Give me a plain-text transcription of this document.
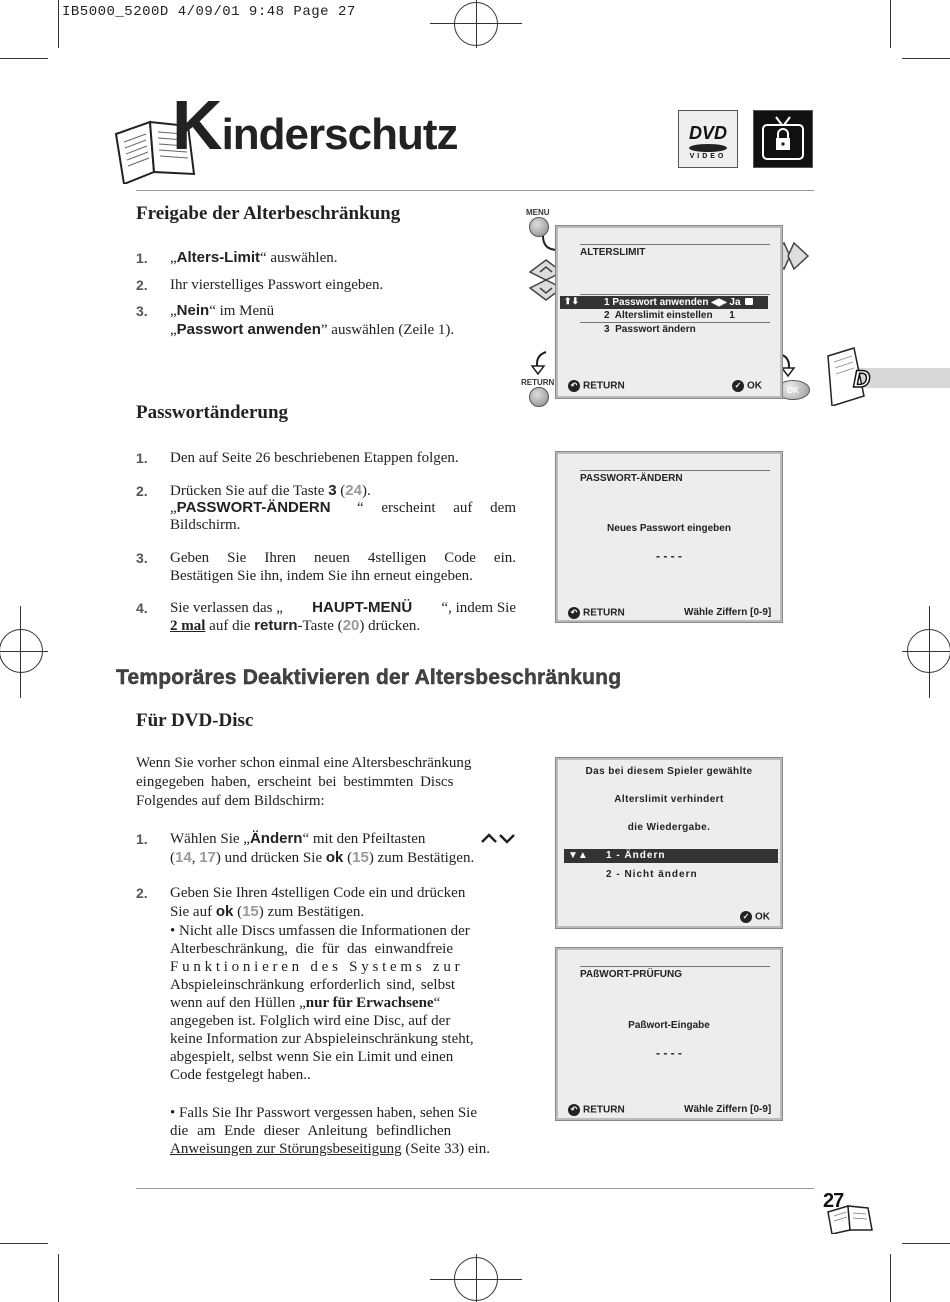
IB5000_5200D 4/09/01 9:48 Page 27
Kinderschutz	DVD
VIDEO
D
Freigabe der Alterbeschränkung
1. „Alters-Limit“ auswählen.
2. Ihr vierstelliges Passwort eingeben.
3. „Nein“ im Menü
„Passwort anwenden” auswählen (Zeile 1).
MENU
RETURN
OK
ALTERSLIMIT
⬆⬇ 1 Passwort anwenden ◀▶ Ja
2  Alterslimit einstellen      1
3  Passwort ändern
↶ RETURN	✓ OK
Passwortänderung
1. Den auf Seite 26 beschriebenen Etappen folgen.
2. Drücken Sie auf die Taste 3 (24).
„PASSWORT-ÄNDERN “ erscheint auf dem
Bildschirm.
3. Geben Sie Ihren neuen 4stelligen Code ein.
Bestätigen Sie ihn, indem Sie ihn erneut eingeben.
4. Sie verlassen das „ HAUPT-MENÜ “, indem Sie
2 mal auf die return-Taste (20) drücken.
PASSWORT-ÄNDERN
Neues Passwort eingeben
- - - -
↶ RETURN	Wähle Ziffern [0-9]
Temporäres Deaktivieren der Altersbeschränkung
Für DVD-Disc
Wenn Sie vorher schon einmal eine Altersbeschränkung
eingegeben haben, erscheint bei bestimmten Discs
Folgendes auf dem Bildschirm:
1. Wählen Sie „Ändern“ mit den Pfeiltasten
(14, 17) und drücken Sie ok (15) zum Bestätigen.
2. Geben Sie Ihren 4stelligen Code ein und drücken
Sie auf ok (15) zum Bestätigen.
• Nicht alle Discs umfassen die Informationen der
Alterbeschränkung, die für das einwandfreie
F u n k t i o n i e r e n   d e s   S y s t e m s   z u r
Abspieleinschränkung erforderlich sind, selbst
wenn auf den Hüllen „nur für Erwachsene“
angegeben ist. Folglich wird eine Disc, auf der
keine Information zur Abspieleinschränkung steht,
abgespielt, selbst wenn Sie ein Limit und einen
Code festgelegt haben..
• Falls Sie Ihr Passwort vergessen haben, sehen Sie
die am Ende dieser Anleitung befindlichen
Anweisungen zur Störungsbeseitigung (Seite 33) ein.
Das bei diesem Spieler gewählte
Alterslimit verhindert
die Wiedergabe.
▼▲ 1 - Ändern
2 - Nicht ändern
✓ OK
PAßWORT-PRÜFUNG
Paßwort-Eingabe
- - - -
↶ RETURN	Wähle Ziffern [0-9]
27
